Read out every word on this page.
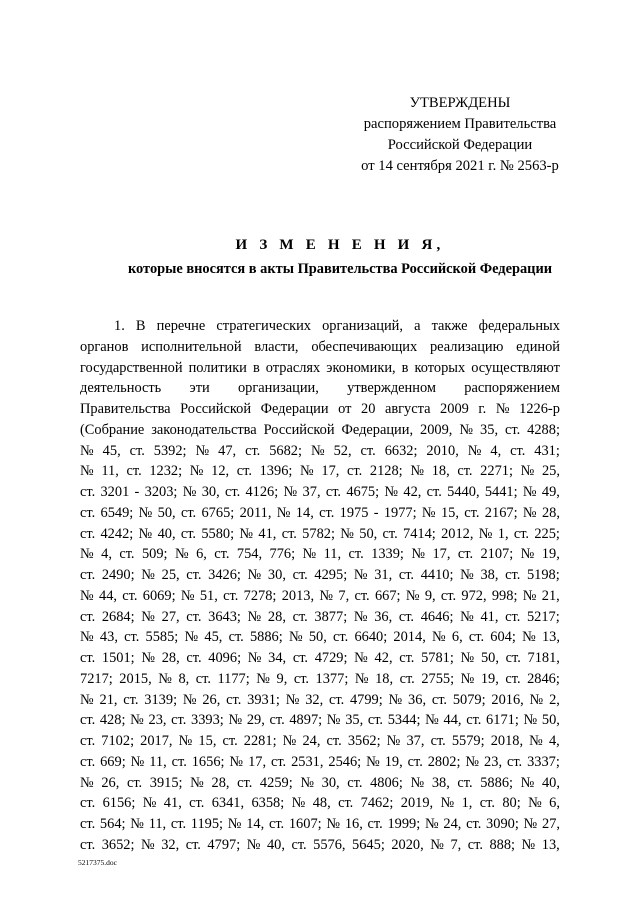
УТВЕРЖДЕНЫ
распоряжением Правительства
Российской Федерации
от 14 сентября 2021 г. № 2563-р
И З М Е Н Е Н И Я,
которые вносятся в акты Правительства Российской Федерации
1. В перечне стратегических организаций, а также федеральных
органов исполнительной власти, обеспечивающих реализацию единой
государственной политики в отраслях экономики, в которых осуществляют
деятельность эти организации, утвержденном распоряжением
Правительства Российской Федерации от 20 августа 2009 г. № 1226-р
(Собрание законодательства Российской Федерации, 2009, № 35, ст. 4288;
№ 45, ст. 5392; № 47, ст. 5682; № 52, ст. 6632; 2010, № 4, ст. 431;
№ 11, ст. 1232; № 12, ст. 1396; № 17, ст. 2128; № 18, ст. 2271; № 25,
ст. 3201 - 3203; № 30, ст. 4126; № 37, ст. 4675; № 42, ст. 5440, 5441; № 49,
ст. 6549; № 50, ст. 6765; 2011, № 14, ст. 1975 - 1977; № 15, ст. 2167; № 28,
ст. 4242; № 40, ст. 5580; № 41, ст. 5782; № 50, ст. 7414; 2012, № 1, ст. 225;
№ 4, ст. 509; № 6, ст. 754, 776; № 11, ст. 1339; № 17, ст. 2107; № 19,
ст. 2490; № 25, ст. 3426; № 30, ст. 4295; № 31, ст. 4410; № 38, ст. 5198;
№ 44, ст. 6069; № 51, ст. 7278; 2013, № 7, ст. 667; № 9, ст. 972, 998; № 21,
ст. 2684; № 27, ст. 3643; № 28, ст. 3877; № 36, ст. 4646; № 41, ст. 5217;
№ 43, ст. 5585; № 45, ст. 5886; № 50, ст. 6640; 2014, № 6, ст. 604; № 13,
ст. 1501; № 28, ст. 4096; № 34, ст. 4729; № 42, ст. 5781; № 50, ст. 7181,
7217; 2015, № 8, ст. 1177; № 9, ст. 1377; № 18, ст. 2755; № 19, ст. 2846;
№ 21, ст. 3139; № 26, ст. 3931; № 32, ст. 4799; № 36, ст. 5079; 2016, № 2,
ст. 428; № 23, ст. 3393; № 29, ст. 4897; № 35, ст. 5344; № 44, ст. 6171; № 50,
ст. 7102; 2017, № 15, ст. 2281; № 24, ст. 3562; № 37, ст. 5579; 2018, № 4,
ст. 669; № 11, ст. 1656; № 17, ст. 2531, 2546; № 19, ст. 2802; № 23, ст. 3337;
№ 26, ст. 3915; № 28, ст. 4259; № 30, ст. 4806; № 38, ст. 5886; № 40,
ст. 6156; № 41, ст. 6341, 6358; № 48, ст. 7462; 2019, № 1, ст. 80; № 6,
ст. 564; № 11, ст. 1195; № 14, ст. 1607; № 16, ст. 1999; № 24, ст. 3090; № 27,
ст. 3652; № 32, ст. 4797; № 40, ст. 5576, 5645; 2020, № 7, ст. 888; № 13,
5217375.doc
